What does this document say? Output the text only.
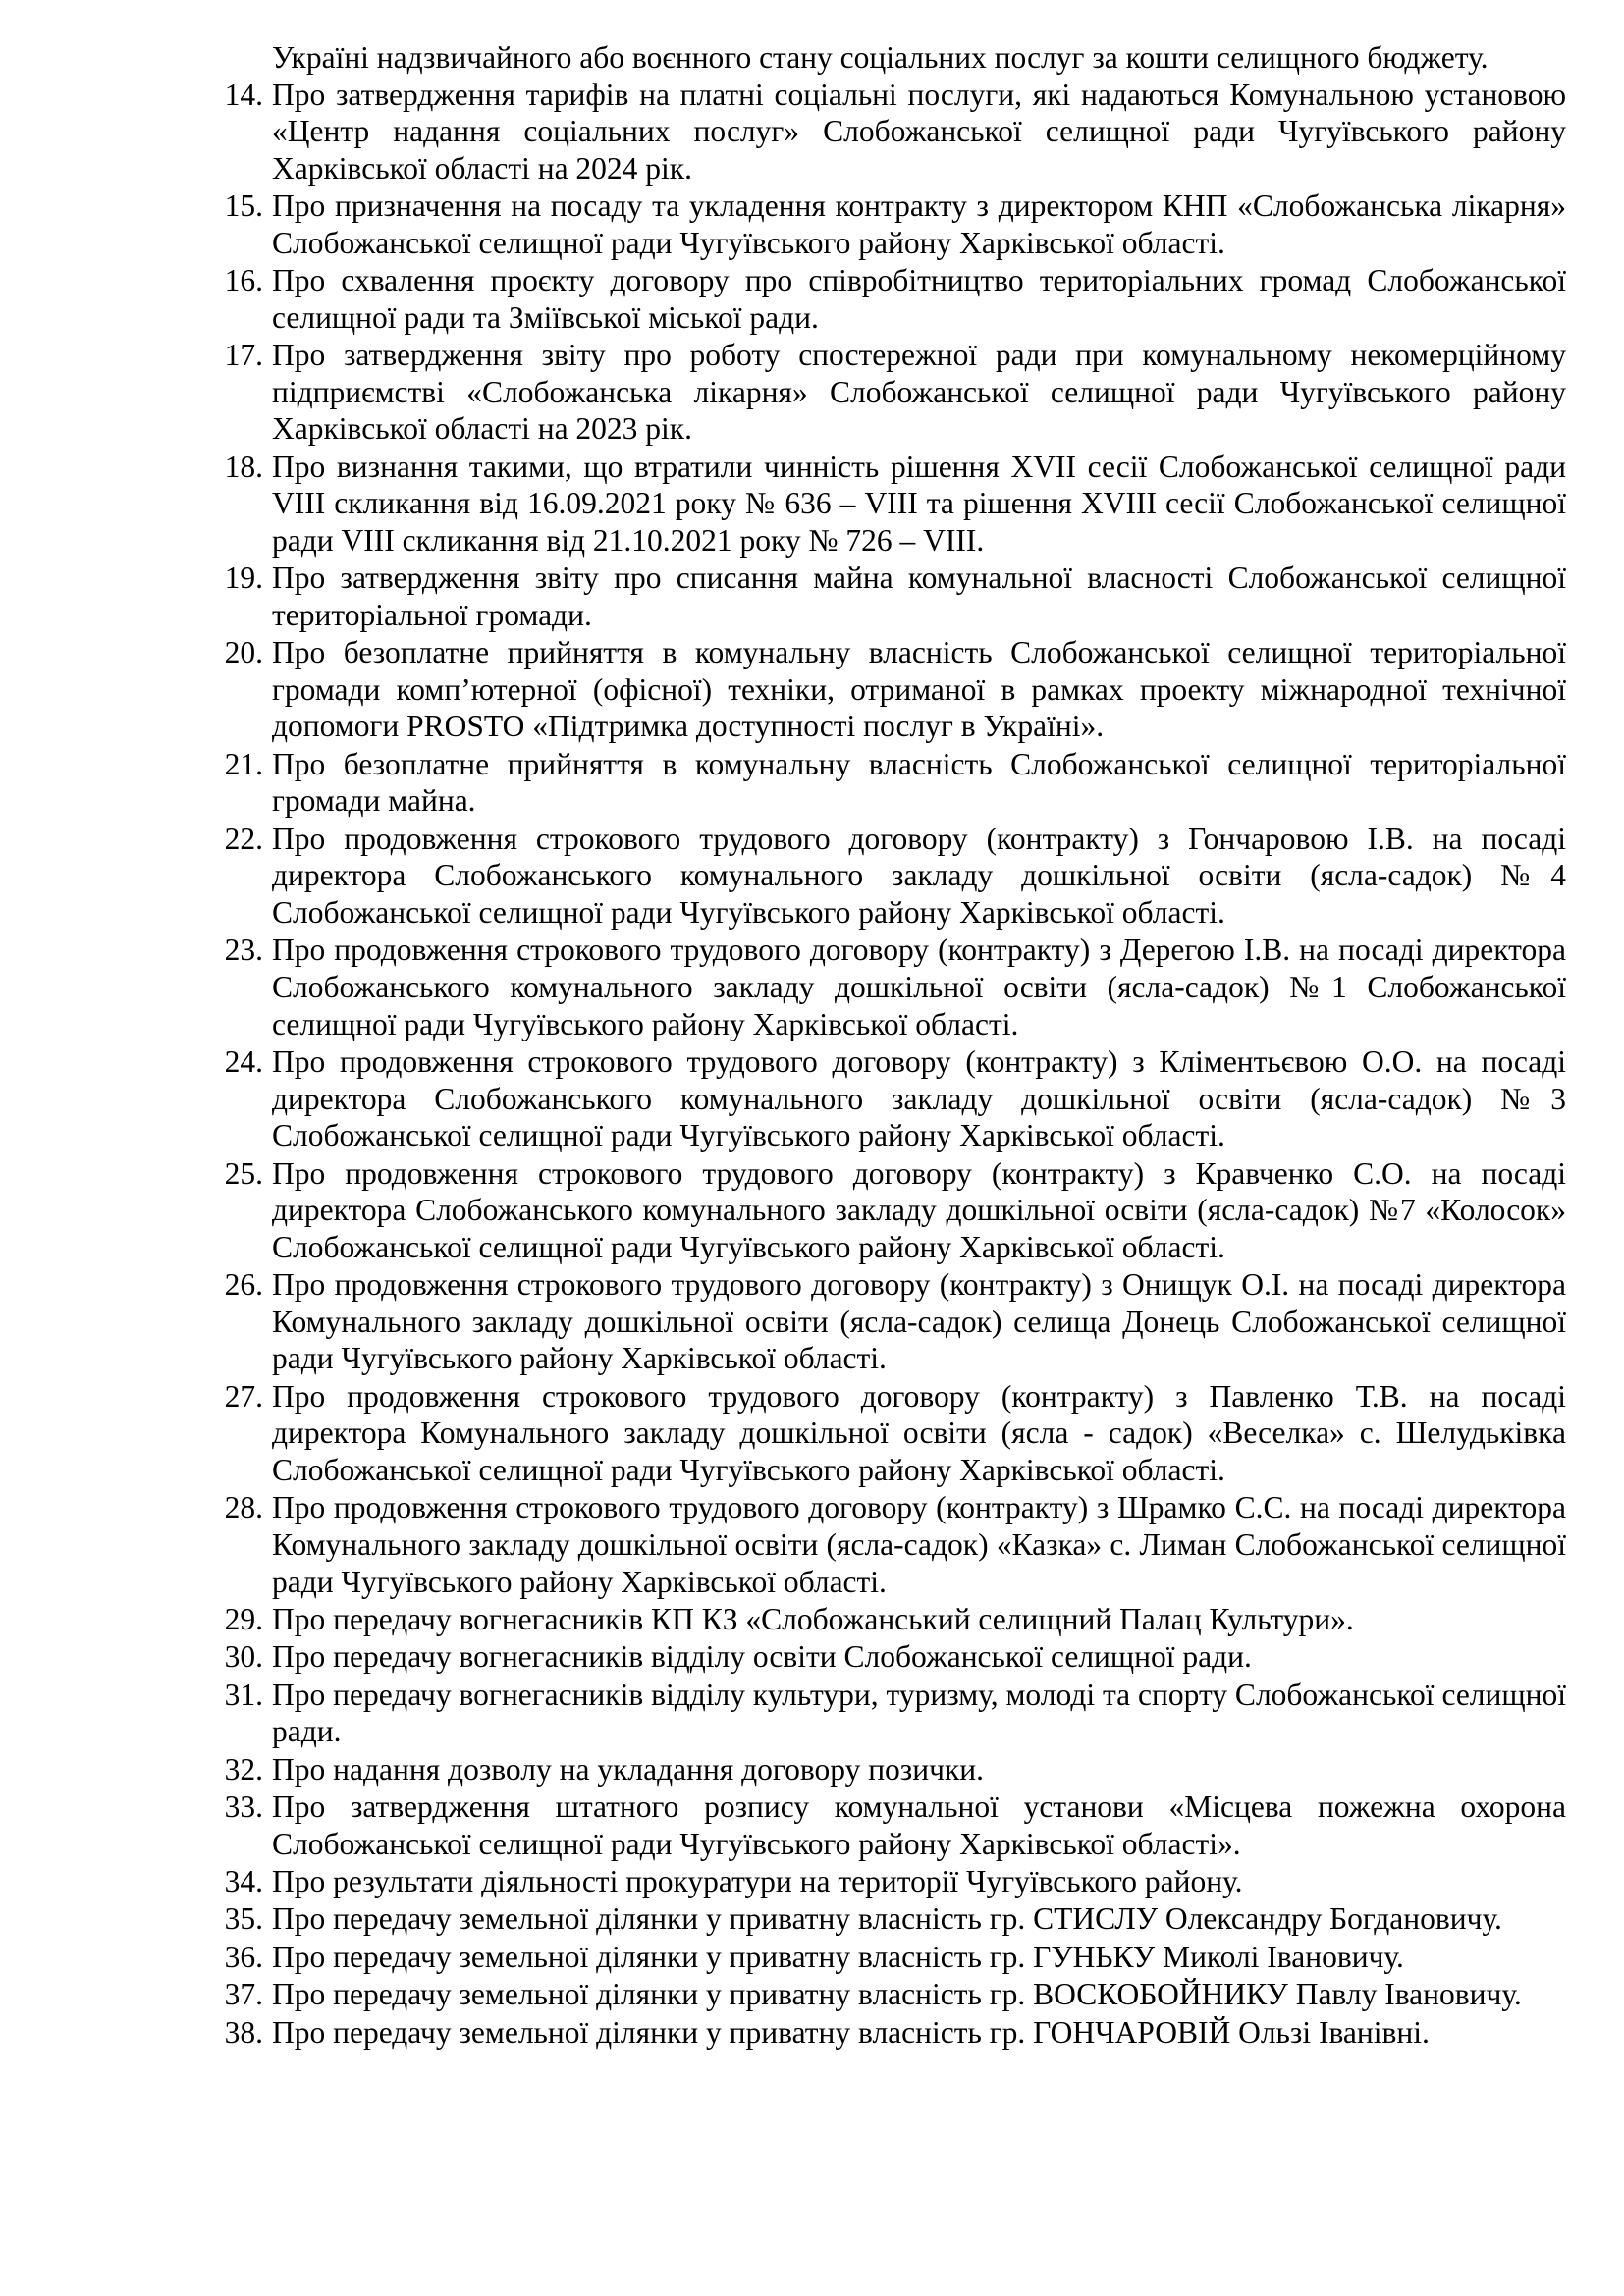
Україні надзвичайного або воєнного стану соціальних послуг за кошти селищного бюджету.

14. Про затвердження тарифів на платні соціальні послуги, які надаються Комунальною установою «Центр надання соціальних послуг» Слобожанської селищної ради Чугуївського району Харківської області на 2024 рік.
15. Про призначення на посаду та укладення контракту з директором КНП «Слобожанська лікарня» Слобожанської селищної ради Чугуївського району Харківської області.
16. Про схвалення проєкту договору про співробітництво територіальних громад Слобожанської селищної ради та Зміївської міської ради.
17. Про затвердження звіту про роботу спостережної ради при комунальному некомерційному підприємстві «Слобожанська лікарня» Слобожанської селищної ради Чугуївського району Харківської області на 2023 рік.
18. Про визнання такими, що втратили чинність рішення XVII сесії Слобожанської селищної ради VIII скликання від 16.09.2021 року № 636 – VIII та рішення XVIII сесії Слобожанської селищної ради VIII скликання від 21.10.2021 року № 726 – VIII.
19. Про затвердження звіту про списання майна комунальної власності Слобожанської селищної територіальної громади.
20. Про безоплатне прийняття в комунальну власність Слобожанської селищної територіальної громади комп’ютерної (офісної) техніки, отриманої в рамках проекту міжнародної технічної допомоги PROSTO «Підтримка доступності послуг в Україні».
21. Про безоплатне прийняття в комунальну власність Слобожанської селищної територіальної громади майна.
22. Про продовження строкового трудового договору (контракту) з Гончаровою І.В. на посаді директора Слобожанського комунального закладу дошкільної освіти (ясла-садок) №4 Слобожанської селищної ради Чугуївського району Харківської області.
23. Про продовження строкового трудового договору (контракту) з Дерегою І.В. на посаді директора Слобожанського комунального закладу дошкільної освіти (ясла-садок) №1 Слобожанської селищної ради Чугуївського району Харківської області.
24. Про продовження строкового трудового договору (контракту) з Кліментьєвою О.О. на посаді директора Слобожанського комунального закладу дошкільної освіти (ясла-садок) №3 Слобожанської селищної ради Чугуївського району Харківської області.
25. Про продовження строкового трудового договору (контракту) з Кравченко С.О. на посаді директора Слобожанського комунального закладу дошкільної освіти (ясла-садок) №7 «Колосок» Слобожанської селищної ради Чугуївського району Харківської області.
26. Про продовження строкового трудового договору (контракту) з Онищук О.І. на посаді директора Комунального закладу дошкільної освіти (ясла-садок) селища Донець Слобожанської селищної ради Чугуївського району Харківської області.
27. Про продовження строкового трудового договору (контракту) з Павленко Т.В. на посаді директора Комунального закладу дошкільної освіти (ясла - садок) «Веселка» с. Шелудьківка Слобожанської селищної ради Чугуївського району Харківської області.
28. Про продовження строкового трудового договору (контракту) з Шрамко С.С. на посаді директора Комунального закладу дошкільної освіти (ясла-садок) «Казка» с. Лиман Слобожанської селищної ради Чугуївського району Харківської області.
29. Про передачу вогнегасників КП КЗ «Слобожанський селищний Палац Культури».
30. Про передачу вогнегасників відділу освіти Слобожанської селищної ради.
31. Про передачу вогнегасників відділу культури, туризму, молоді та спорту Слобожанської селищної ради.
32. Про надання дозволу на укладання договору позички.
33. Про затвердження штатного розпису комунальної установи «Місцева пожежна охорона Слобожанської селищної ради Чугуївського району Харківської області».
34. Про результати діяльності прокуратури на території Чугуївського району.
35. Про передачу земельної ділянки у приватну власність гр. СТИСЛУ Олександру Богдановичу.
36. Про передачу земельної ділянки у приватну власність гр. ГУНЬКУ Миколі Івановичу.
37. Про передачу земельної ділянки у приватну власність гр. ВОСКОБОЙНИКУ Павлу Івановичу.
38. Про передачу земельної ділянки у приватну власність гр. ГОНЧАРОВІЙ Ользі Іванівні.
